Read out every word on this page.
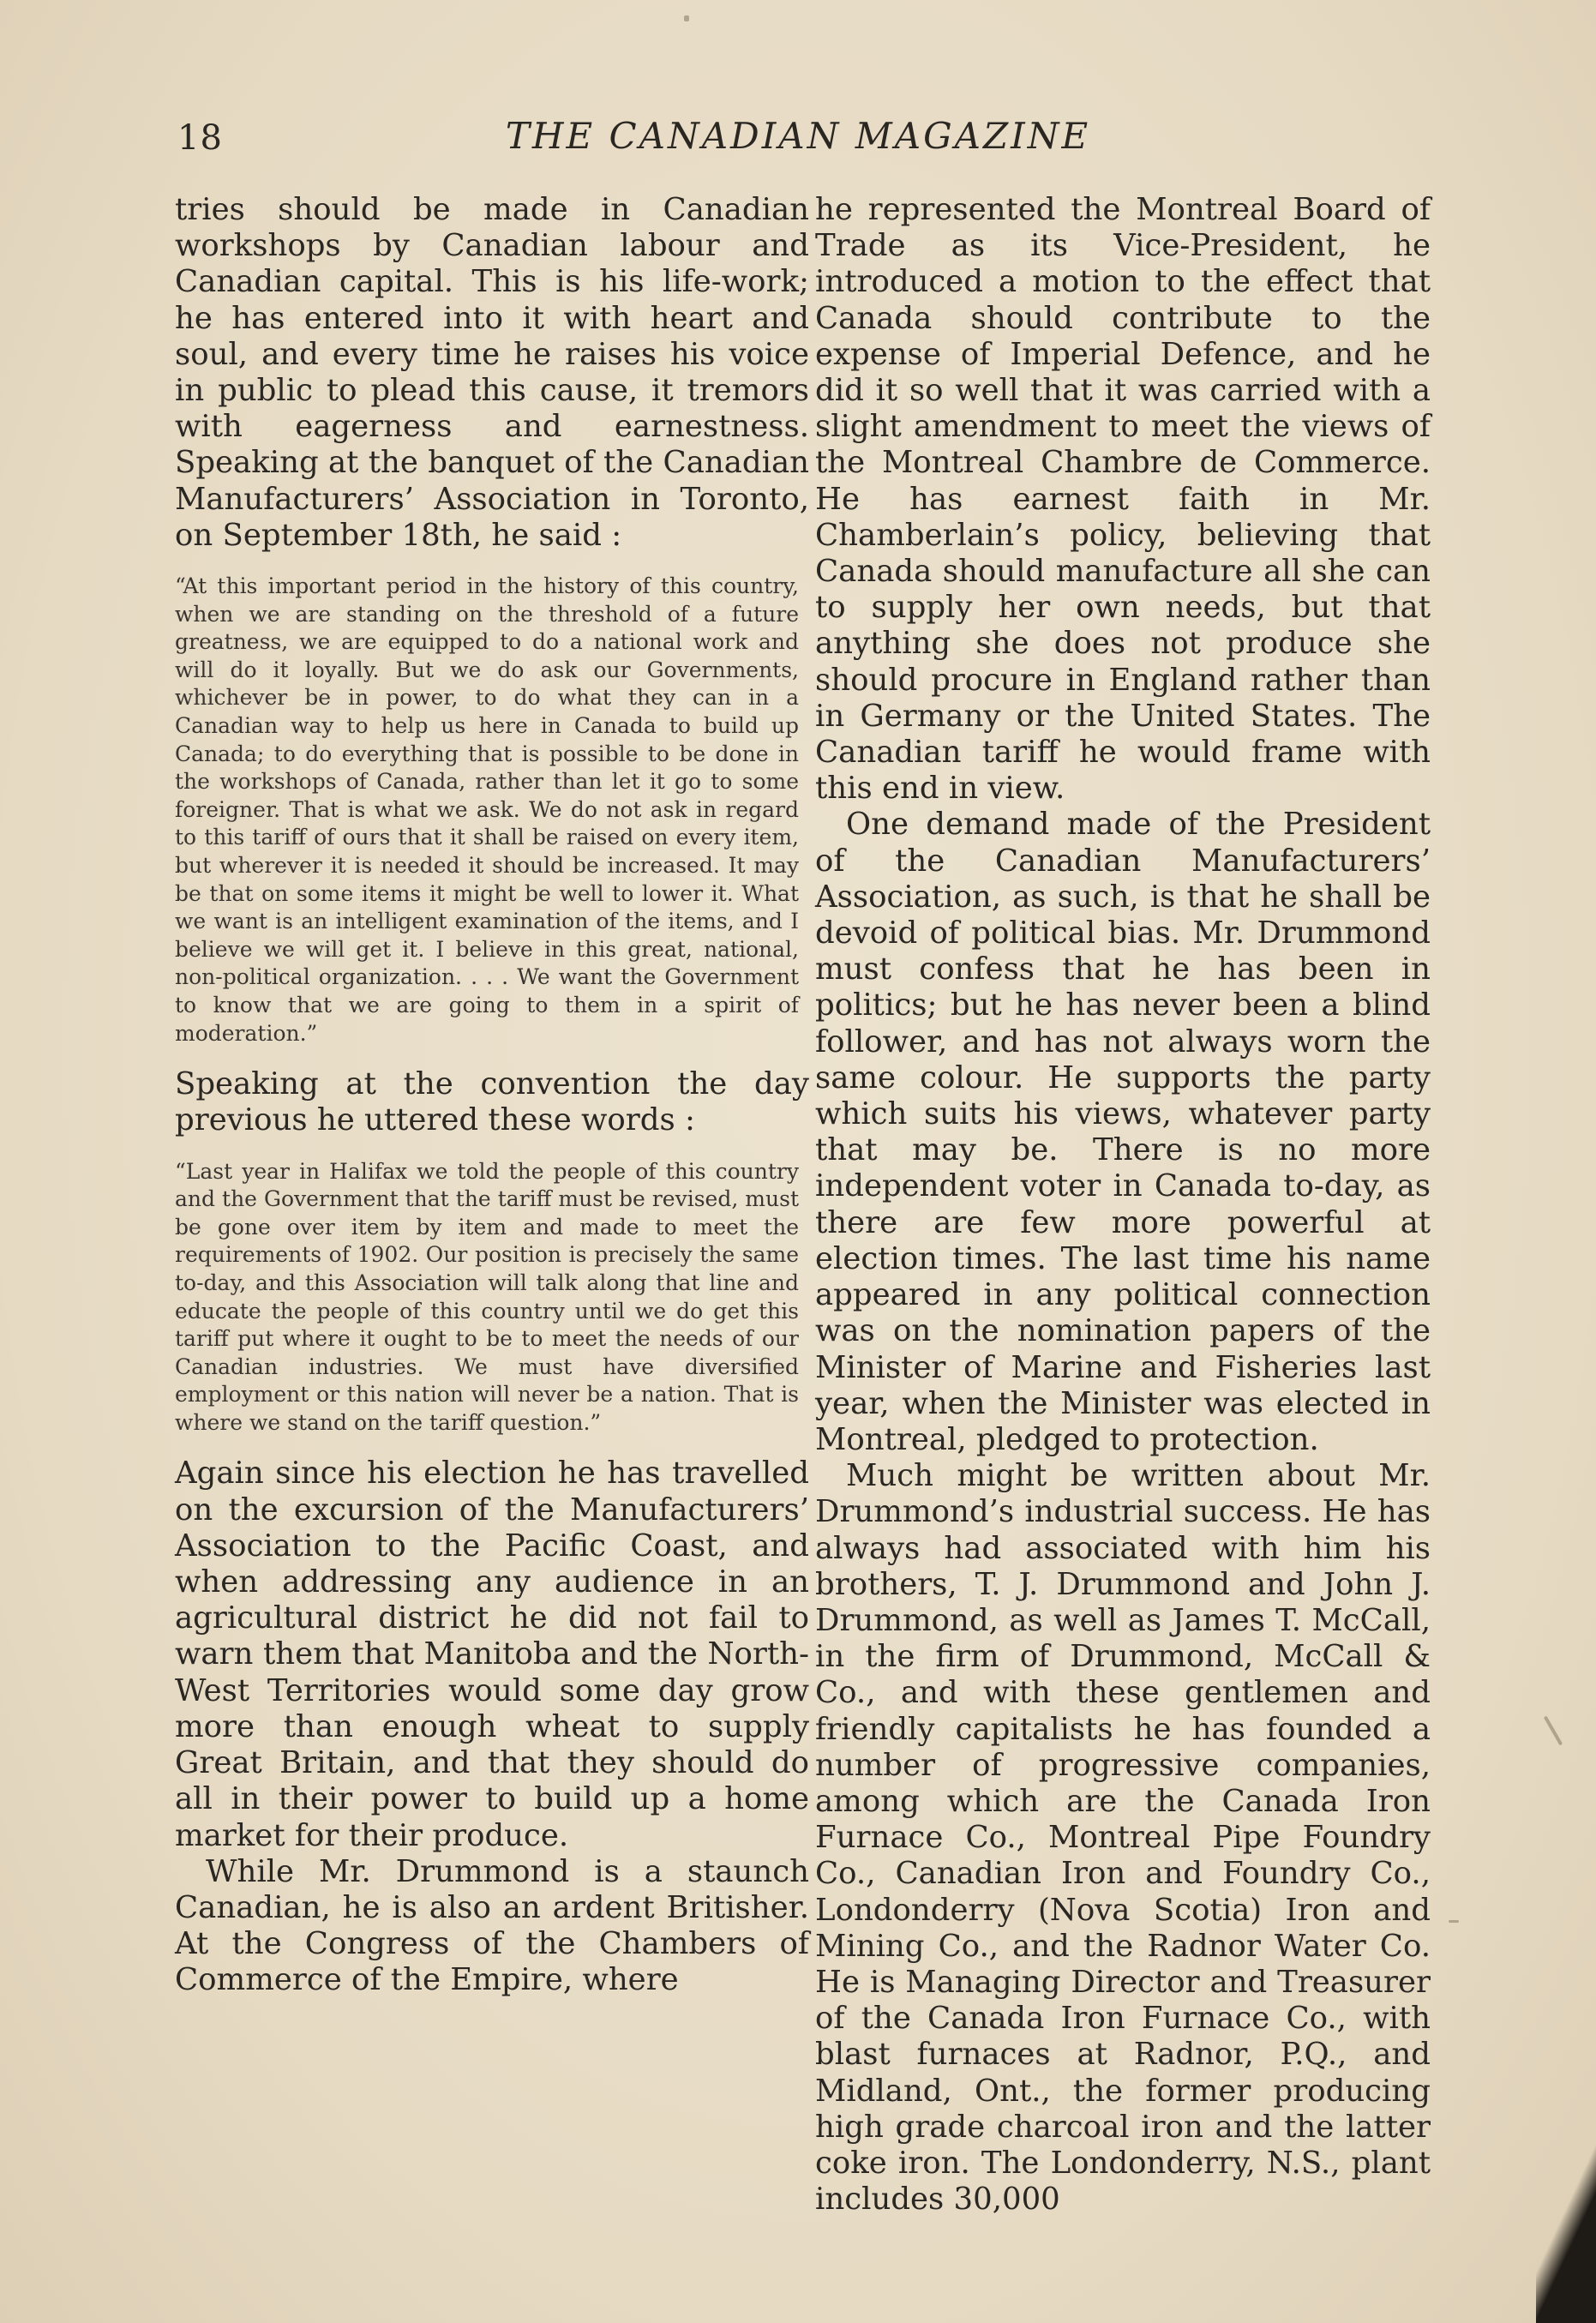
18	THE CANADIAN MAGAZINE

tries should be made in Canadian workshops by Canadian labour and Canadian capital. This is his life-work; he has entered into it with heart and soul, and every time he raises his voice in public to plead this cause, it tremors with eagerness and earnestness. Speaking at the banquet of the Canadian Manufacturers’ Association in Toronto, on September 18th, he said :

“At this important period in the history of this country, when we are standing on the threshold of a future greatness, we are equipped to do a national work and will do it loyally. But we do ask our Governments, whichever be in power, to do what they can in a Canadian way to help us here in Canada to build up Canada; to do everything that is possible to be done in the workshops of Canada, rather than let it go to some foreigner. That is what we ask. We do not ask in regard to this tariff of ours that it shall be raised on every item, but wherever it is needed it should be increased. It may be that on some items it might be well to lower it. What we want is an intelligent examination of the items, and I believe we will get it. I believe in this great, national, non-political organization. . . . We want the Government to know that we are going to them in a spirit of moderation.”

Speaking at the convention the day previous he uttered these words :

“Last year in Halifax we told the people of this country and the Government that the tariff must be revised, must be gone over item by item and made to meet the requirements of 1902. Our position is precisely the same to-day, and this Association will talk along that line and educate the people of this country until we do get this tariff put where it ought to be to meet the needs of our Canadian industries. We must have diversified employment or this nation will never be a nation. That is where we stand on the tariff question.”

Again since his election he has travelled on the excursion of the Manufacturers’ Association to the Pacific Coast, and when addressing any audience in an agricultural district he did not fail to warn them that Manitoba and the North-West Territories would some day grow more than enough wheat to supply Great Britain, and that they should do all in their power to build up a home market for their produce.

While Mr. Drummond is a staunch Canadian, he is also an ardent Britisher. At the Congress of the Chambers of Commerce of the Empire, where

he represented the Montreal Board of Trade as its Vice-President, he introduced a motion to the effect that Canada should contribute to the expense of Imperial Defence, and he did it so well that it was carried with a slight amendment to meet the views of the Montreal Chambre de Commerce. He has earnest faith in Mr. Chamberlain’s policy, believing that Canada should manufacture all she can to supply her own needs, but that anything she does not produce she should procure in England rather than in Germany or the United States. The Canadian tariff he would frame with this end in view.

One demand made of the President of the Canadian Manufacturers’ Association, as such, is that he shall be devoid of political bias. Mr. Drummond must confess that he has been in politics; but he has never been a blind follower, and has not always worn the same colour. He supports the party which suits his views, whatever party that may be. There is no more independent voter in Canada to-day, as there are few more powerful at election times. The last time his name appeared in any political connection was on the nomination papers of the Minister of Marine and Fisheries last year, when the Minister was elected in Montreal, pledged to protection.

Much might be written about Mr. Drummond’s industrial success. He has always had associated with him his brothers, T. J. Drummond and John J. Drummond, as well as James T. McCall, in the firm of Drummond, McCall & Co., and with these gentlemen and friendly capitalists he has founded a number of progressive companies, among which are the Canada Iron Furnace Co., Montreal Pipe Foundry Co., Canadian Iron and Foundry Co., Londonderry (Nova Scotia) Iron and Mining Co., and the Radnor Water Co. He is Managing Director and Treasurer of the Canada Iron Furnace Co., with blast furnaces at Radnor, P.Q., and Midland, Ont., the former producing high grade charcoal iron and the latter coke iron. The Londonderry, N.S., plant includes 30,000
